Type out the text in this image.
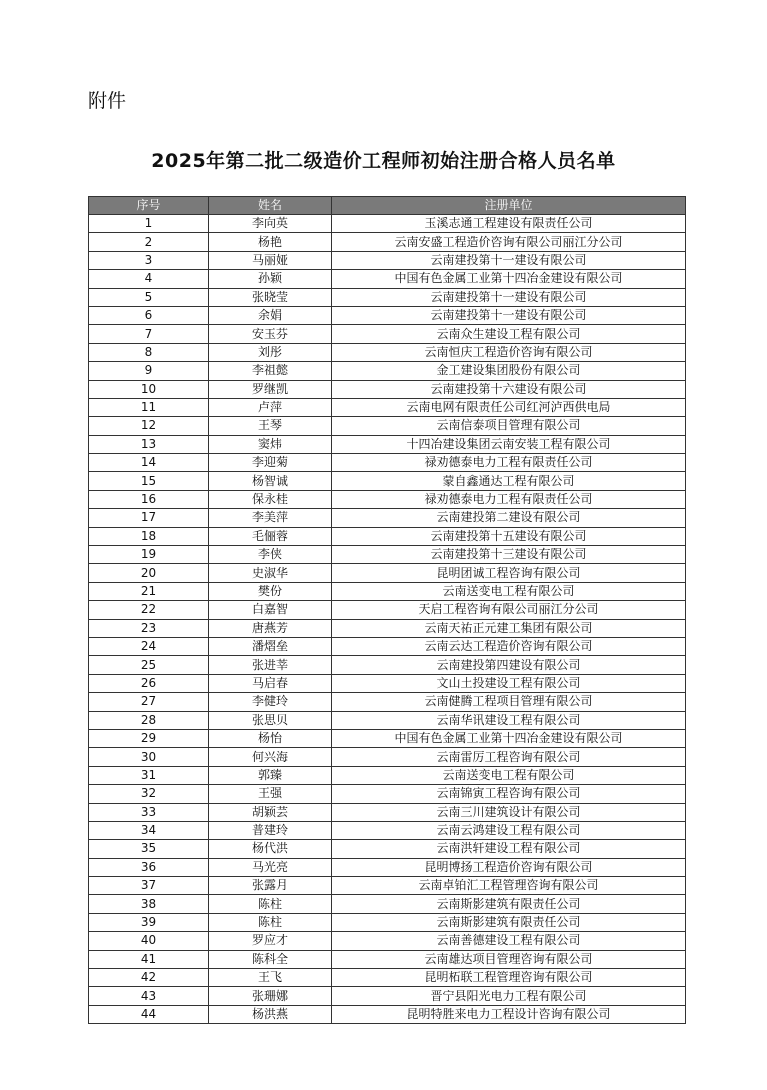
附件
2025年第二批二级造价工程师初始注册合格人员名单
序号	姓名	注册单位
1	李向英	玉溪志通工程建设有限责任公司
2	杨艳	云南安盛工程造价咨询有限公司丽江分公司
3	马丽娅	云南建投第十一建设有限公司
4	孙颖	中国有色金属工业第十四冶金建设有限公司
5	张晓莹	云南建投第十一建设有限公司
6	余娟	云南建投第十一建设有限公司
7	安玉芬	云南众生建设工程有限公司
8	刘彤	云南恒庆工程造价咨询有限公司
9	李祖懿	金工建设集团股份有限公司
10	罗继凯	云南建投第十六建设有限公司
11	卢萍	云南电网有限责任公司红河泸西供电局
12	王琴	云南信泰项目管理有限公司
13	窦炜	十四冶建设集团云南安装工程有限公司
14	李迎菊	禄劝德泰电力工程有限责任公司
15	杨智诚	蒙自鑫通达工程有限公司
16	保永桂	禄劝德泰电力工程有限责任公司
17	李美萍	云南建投第二建设有限公司
18	毛俪蓉	云南建投第十五建设有限公司
19	李侠	云南建投第十三建设有限公司
20	史淑华	昆明团诚工程咨询有限公司
21	樊份	云南送变电工程有限公司
22	白嘉智	天启工程咨询有限公司丽江分公司
23	唐燕芳	云南天祐正元建工集团有限公司
24	潘熠垒	云南云达工程造价咨询有限公司
25	张进莘	云南建投第四建设有限公司
26	马启春	文山土投建设工程有限公司
27	李健玲	云南健腾工程项目管理有限公司
28	张思贝	云南华讯建设工程有限公司
29	杨怡	中国有色金属工业第十四冶金建设有限公司
30	何兴海	云南雷厉工程咨询有限公司
31	郭臻	云南送变电工程有限公司
32	王强	云南锦寅工程咨询有限公司
33	胡颖芸	云南三川建筑设计有限公司
34	普建玲	云南云鸿建设工程有限公司
35	杨代洪	云南洪轩建设工程有限公司
36	马光亮	昆明博扬工程造价咨询有限公司
37	张露月	云南卓铂汇工程管理咨询有限公司
38	陈柱	云南斯影建筑有限责任公司
39	陈柱	云南斯影建筑有限责任公司
40	罗应才	云南善德建设工程有限公司
41	陈科全	云南雄达项目管理咨询有限公司
42	王飞	昆明柘联工程管理咨询有限公司
43	张珊娜	晋宁县阳光电力工程有限公司
44	杨洪燕	昆明特胜来电力工程设计咨询有限公司
